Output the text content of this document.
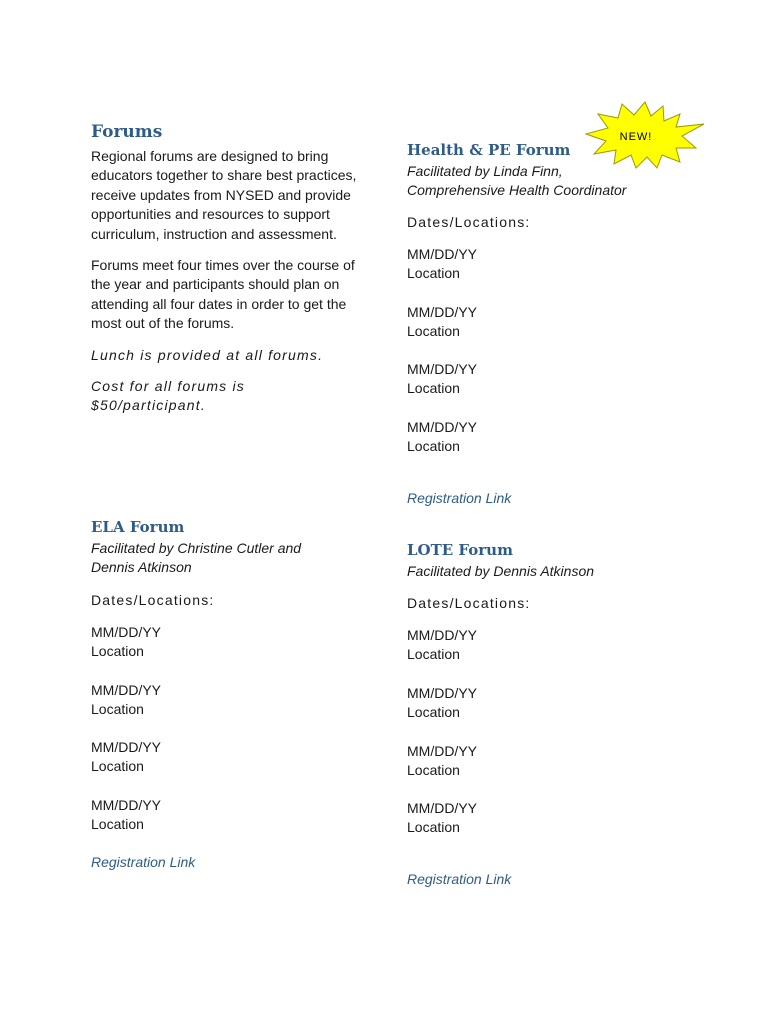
Forums

Regional forums are designed to bring educators together to share best practices, receive updates from NYSED and provide opportunities and resources to support curriculum, instruction and assessment.

Forums meet four times over the course of the year and participants should plan on attending all four dates in order to get the most out of the forums.

Lunch is provided at all forums.

Cost for all forums is
$50/participant.

ELA Forum
Facilitated by Christine Cutler and
Dennis Atkinson
Dates/Locations:
MM/DD/YY
Location
MM/DD/YY
Location
MM/DD/YY
Location
MM/DD/YY
Location
Registration Link
Health & PE Forum
Facilitated by Linda Finn,
Comprehensive Health Coordinator
Dates/Locations:
MM/DD/YY
Location
MM/DD/YY
Location
MM/DD/YY
Location
MM/DD/YY
Location
Registration Link
NEW!
LOTE Forum
Facilitated by Dennis Atkinson
Dates/Locations:
MM/DD/YY
Location
MM/DD/YY
Location
MM/DD/YY
Location
MM/DD/YY
Location
Registration Link
